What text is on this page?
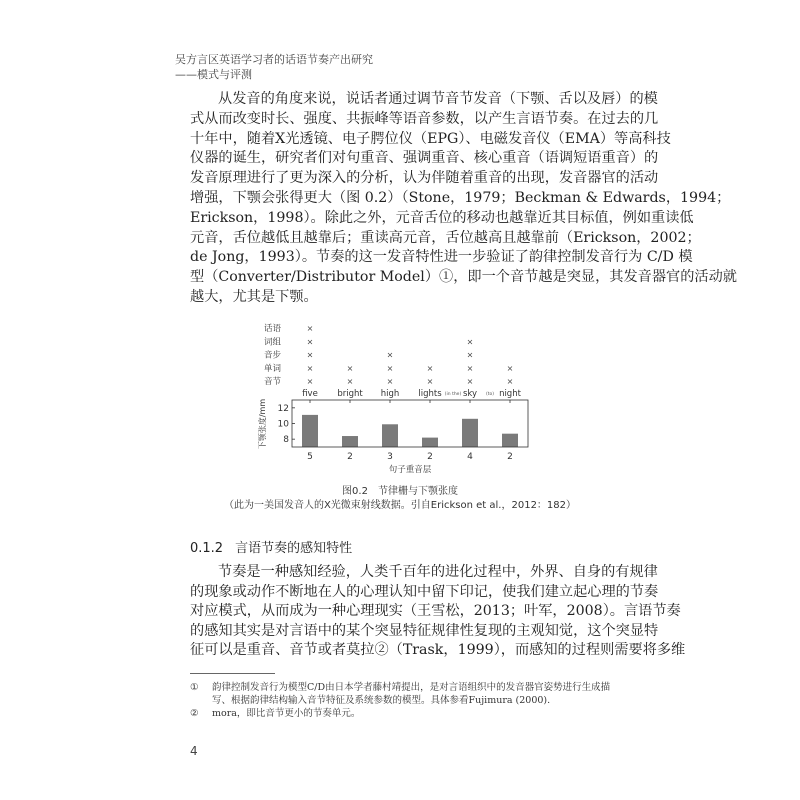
吴方言区英语学习者的话语节奏产出研究
——模式与评测
从发音的角度来说，说话者通过调节音节发音（下颚、舌以及唇）的模
式从而改变时长、强度、共振峰等语音参数，以产生言语节奏。在过去的几
十年中，随着X光透镜、电子腭位仪（EPG）、电磁发音仪（EMA）等高科技
仪器的诞生，研究者们对句重音、强调重音、核心重音（语调短语重音）的
发音原理进行了更为深入的分析，认为伴随着重音的出现，发音器官的活动
增强，下颚会张得更大（图 0.2）（Stone，1979；Beckman & Edwards，1994；
Erickson，1998）。除此之外，元音舌位的移动也越靠近其目标值，例如重读低
元音，舌位越低且越靠后；重读高元音，舌位越高且越靠前（Erickson，2002；
de Jong，1993）。节奏的这一发音特性进一步验证了韵律控制发音行为 C/D 模
型（Converter/Distributor Model）①，即一个音节越是突显，其发音器官的活动就
越大，尤其是下颚。
话语	×
词组	×	×
音步	×	×	×
单词	×	×	×	×	×	×
音节	×	×	×	×	×	×
five bright high lights	sky	night
(in the)	(to)
8
10
12
5	2	3	2	4	2
句子重音层
下颚张度/mm
图0.2　节律栅与下颚张度
（此为一美国发音人的X光微束射线数据。引自Erickson et al.，2012：182）
0.1.2 言语节奏的感知特性
节奏是一种感知经验，人类千百年的进化过程中，外界、自身的有规律
的现象或动作不断地在人的心理认知中留下印记，使我们建立起心理的节奏
对应模式，从而成为一种心理现实（王雪松，2013；叶军，2008）。言语节奏
的感知其实是对言语中的某个突显特征规律性复现的主观知觉，这个突显特
征可以是重音、音节或者莫拉②（Trask，1999），而感知的过程则需要将多维
① 韵律控制发音行为模型C/D由日本学者藤村靖提出，是对言语组织中的发音器官姿势进行生成描
写、根据韵律结构输入音节特征及系统参数的模型。具体参看Fujimura (2000).
② mora，即比音节更小的节奏单元。
4
